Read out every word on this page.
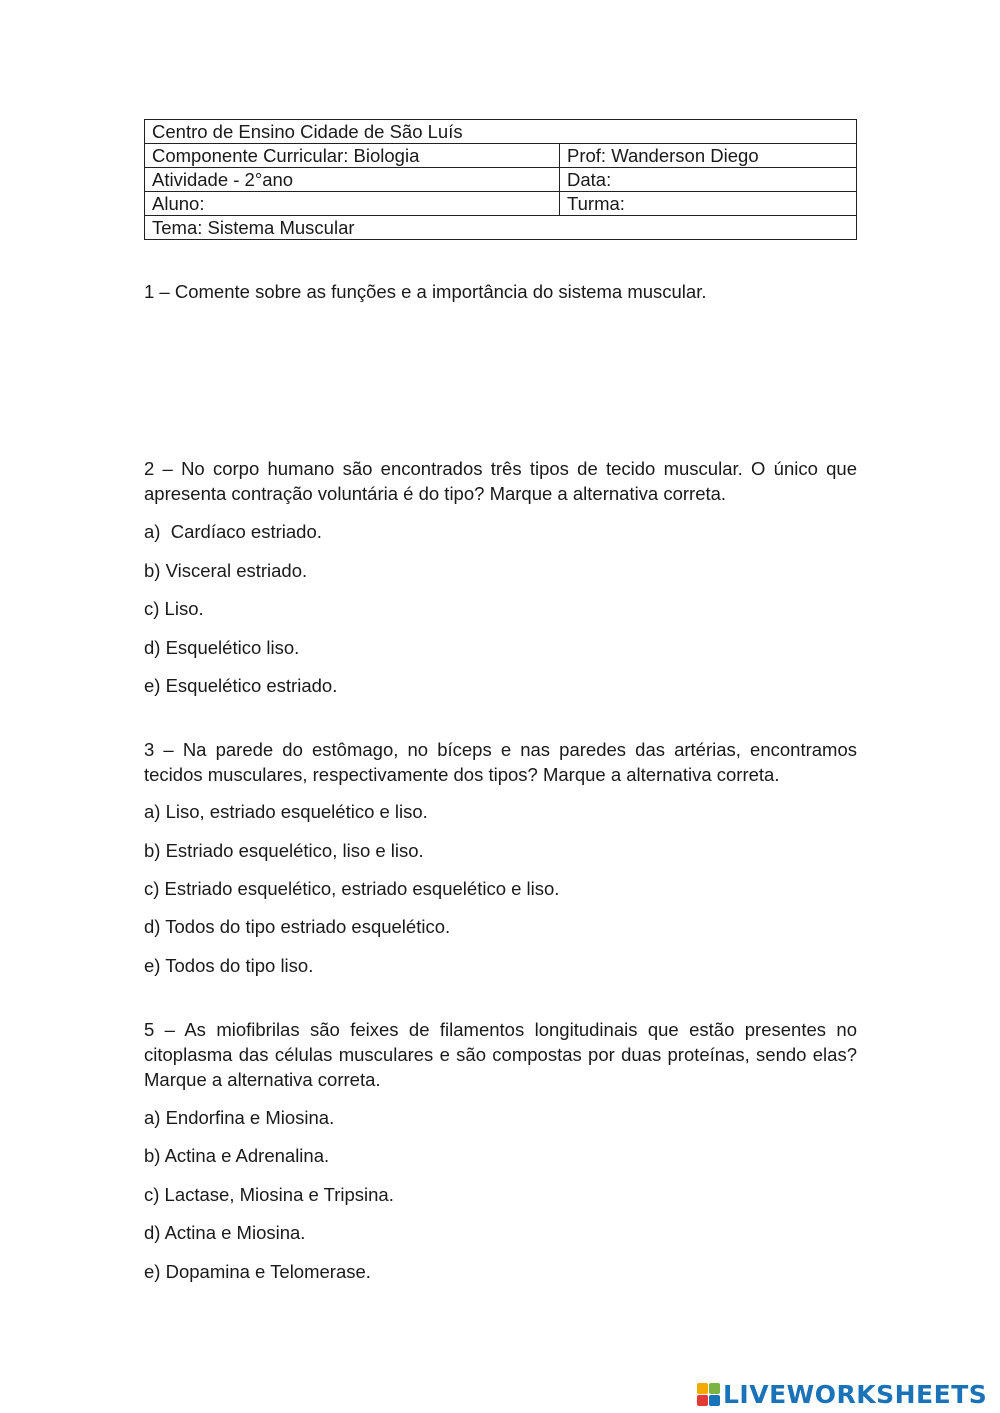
Centro de Ensino Cidade de São Luís	
Componente Curricular: Biologia	Prof: Wanderson Diego
Atividade - 2°ano	Data:
Aluno:	Turma:
Tema: Sistema Muscular	

1 – Comente sobre as funções e a importância do sistema muscular.

2 – No corpo humano são encontrados três tipos de tecido muscular. O único que apresenta contração voluntária é do tipo? Marque a alternativa correta.

a)  Cardíaco estriado.

b) Visceral estriado.

c) Liso.

d) Esquelético liso.

e) Esquelético estriado.

3 – Na parede do estômago, no bíceps e nas paredes das artérias, encontramos tecidos musculares, respectivamente dos tipos? Marque a alternativa correta.

a) Liso, estriado esquelético e liso.

b) Estriado esquelético, liso e liso.

c) Estriado esquelético, estriado esquelético e liso.

d) Todos do tipo estriado esquelético.

e) Todos do tipo liso.

5 – As miofibrilas são feixes de filamentos longitudinais que estão presentes no citoplasma das células musculares e são compostas por duas proteínas, sendo elas? Marque a alternativa correta.

a) Endorfina e Miosina.

b) Actina e Adrenalina.

c) Lactase, Miosina e Tripsina.

d) Actina e Miosina.

e) Dopamina e Telomerase.

LIVEWORKSHEETS
